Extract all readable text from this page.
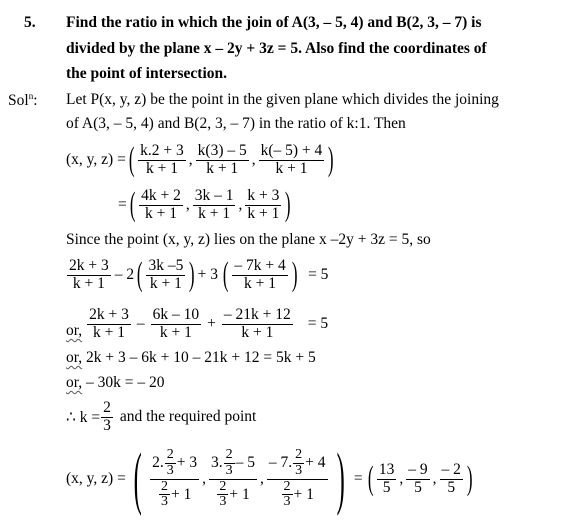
5. Find the ratio in which the join of A(3, – 5, 4) and B(2, 3, – 7) is
divided by the plane x – 2y + 3z = 5. Also find the coordinates of
the point of intersection.
Sol$^n$: Let P(x, y, z) be the point in the given plane which divides the joining
of A(3, – 5, 4) and B(2, 3, – 7) in the ratio of k:1. Then
(x, y, z) = ( $\frac{k.2 + 3}{k + 1}$ , $\frac{k(3) - 5}{k + 1}$ , $\frac{k(- 5) + 4}{k + 1}$ )
= ( $\frac{4k + 2}{k + 1}$ , $\frac{3k - 1}{k + 1}$ , $\frac{k + 3}{k + 1}$ )
Since the point (x, y, z) lies on the plane x –2y + 3z = 5, so
$\frac{2k + 3}{k + 1} - 2$ ( $\frac{3k -5}{k + 1}$ ) + 3 ( $\frac{- 7k + 4}{k + 1}$ ) = 5
or, $\frac{2k + 3}{k + 1} - \frac{6k - 10}{k + 1} + \frac{- 21k + 12}{k + 1} = 5$
or, 2k + 3 – 6k + 10 – 21k + 12 = 5k + 5
or, – 30k = – 20
∴ $k = \frac{2}{3}$ and the required point
(x, y, z) = ( $\frac{2. \frac{2}{3} + 3}{\frac{2}{3} + 1}$ , $\frac{3. \frac{2}{3} - 5}{\frac{2}{3} + 1}$ , $\frac{- 7. \frac{2}{3} + 4}{\frac{2}{3} + 1}$ ) = ( $\frac{13}{5}$ , $\frac{- 9}{5}$ , $\frac{- 2}{5}$ )
